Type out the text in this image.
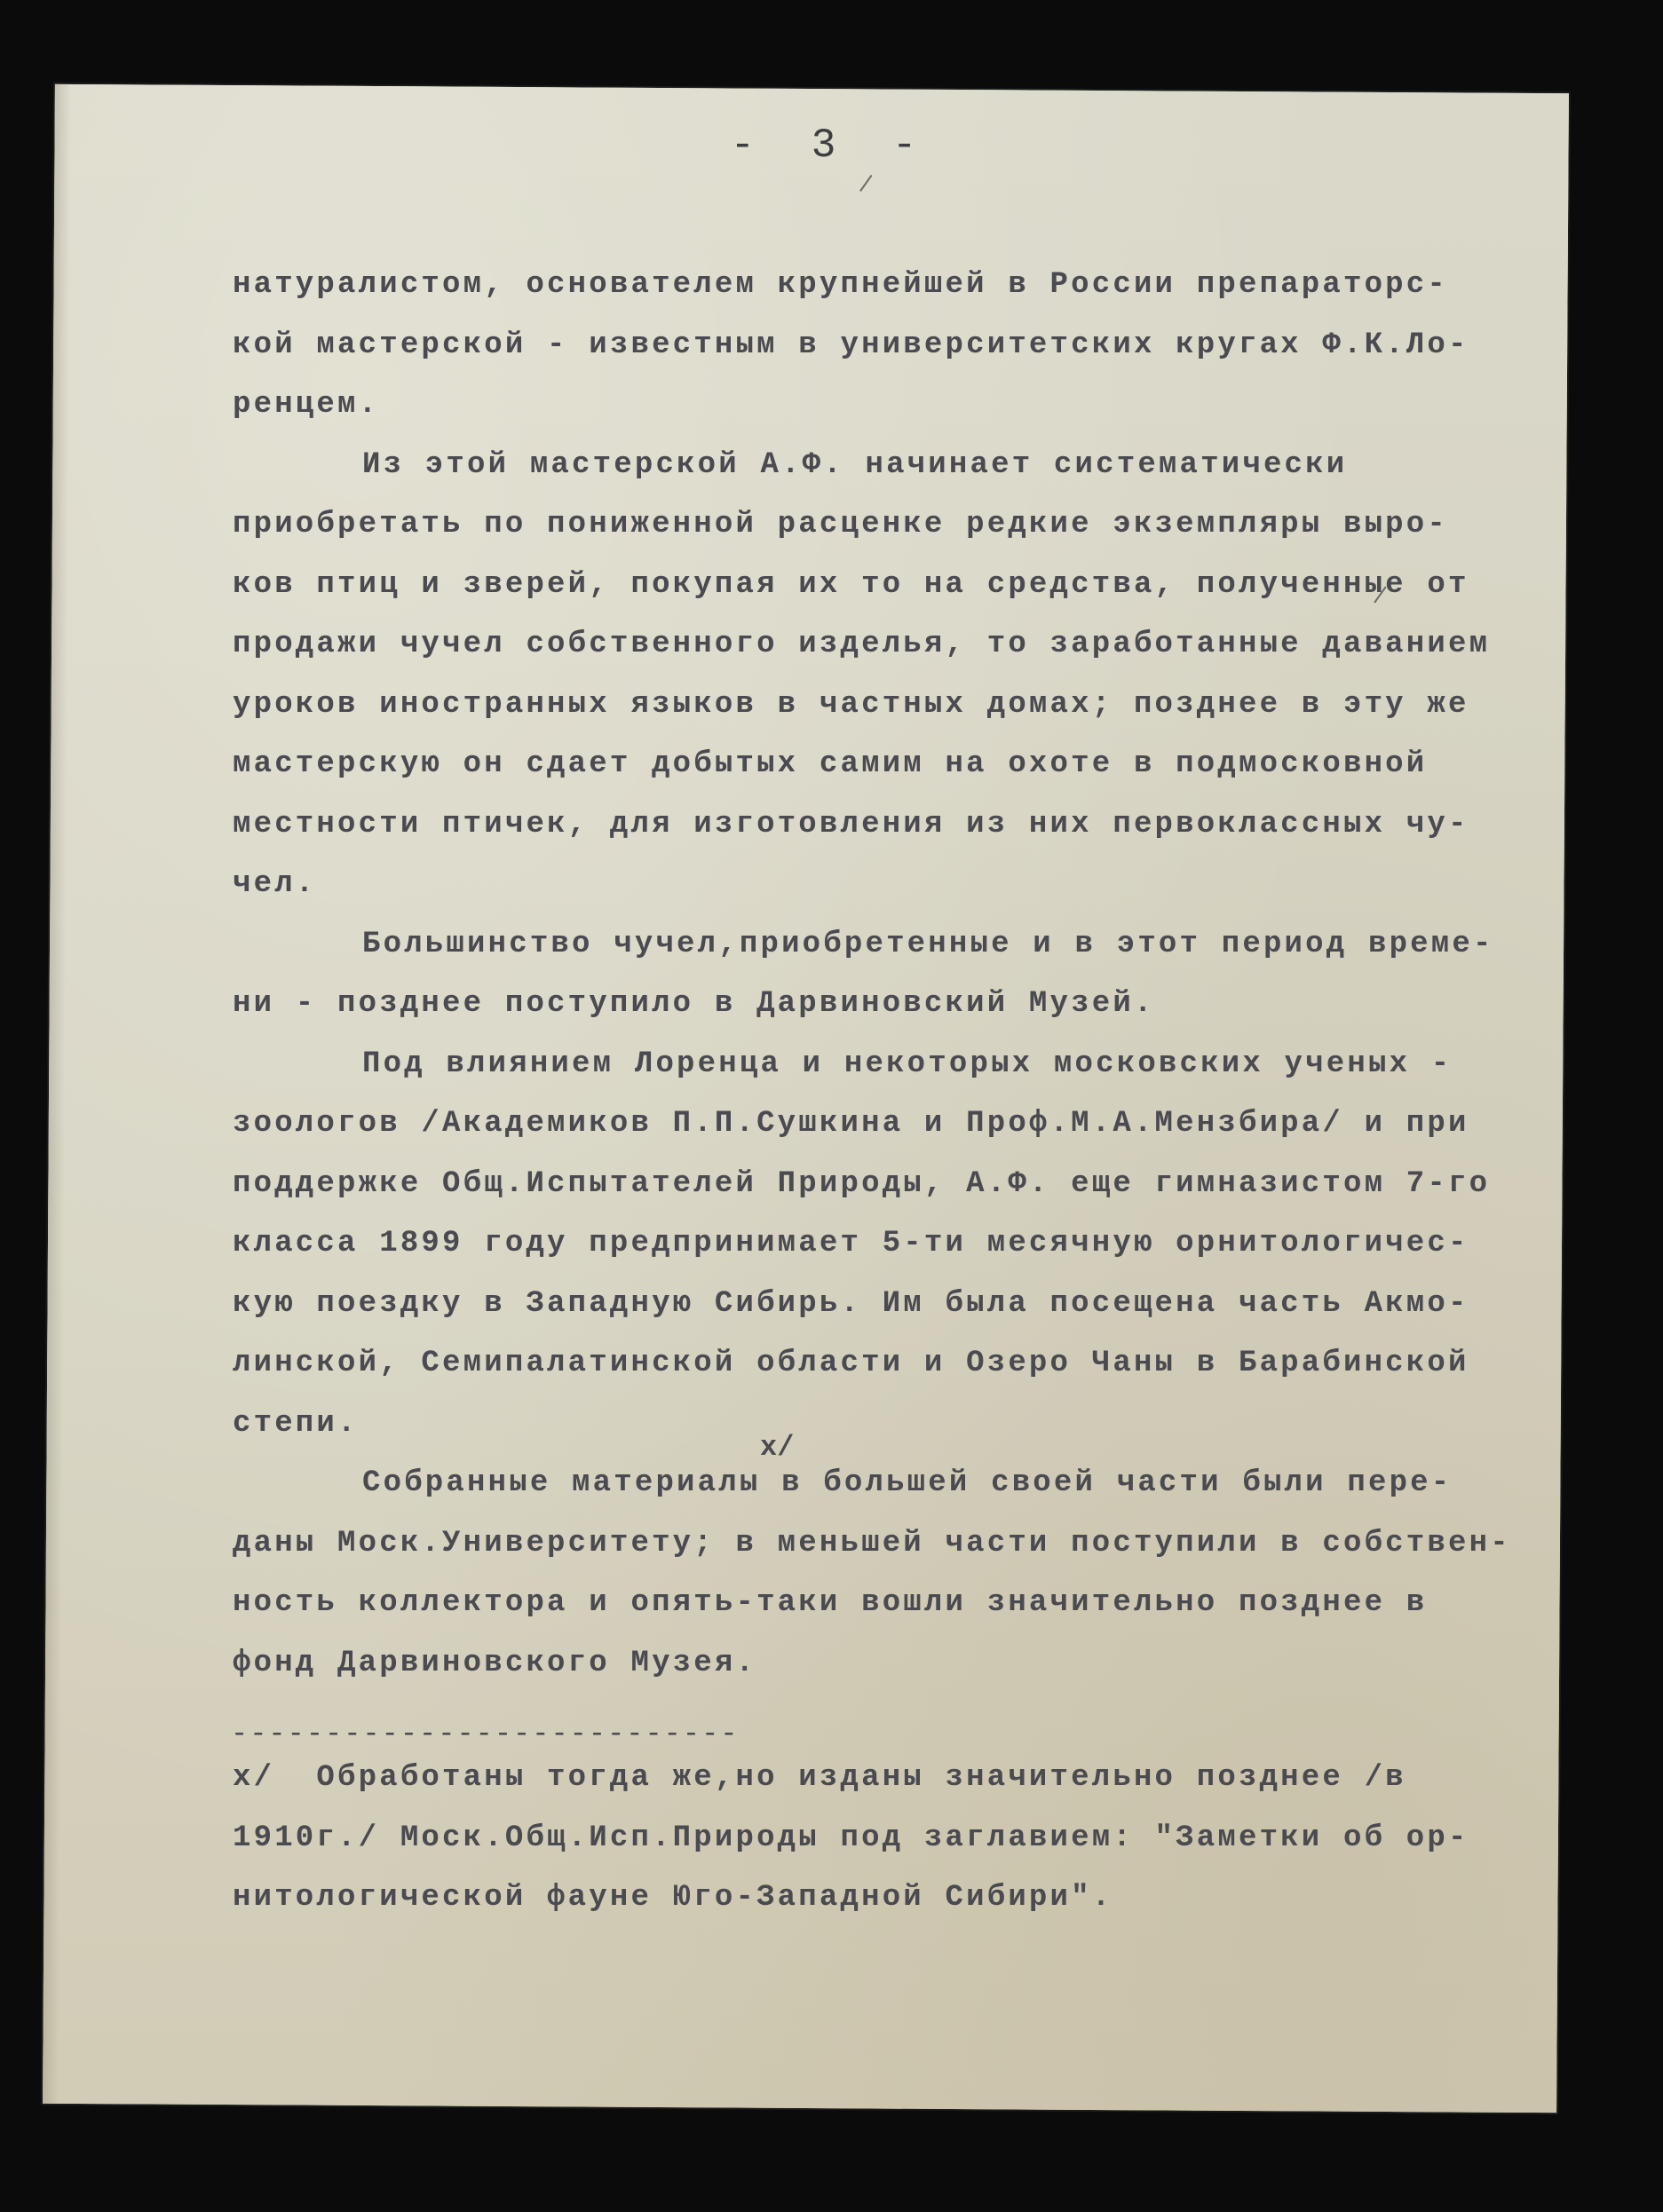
- 3 -
натуралистом, основателем крупнейшей в России препараторс-
кой мастерской - известным в университетских кругах Ф.К.Ло-
ренцем.
Из этой мастерской А.Ф. начинает систематически
приобретать по пониженной расценке редкие экземпляры выро-
ков птиц и зверей, покупая их то на средства, полученные от
продажи чучел собственного изделья, то заработанные даванием
уроков иностранных языков в частных домах; позднее в эту же
мастерскую он сдает добытых самим на охоте в подмосковной
местности птичек, для изготовления из них первоклассных чу-
чел.
Большинство чучел,приобретенные и в этот период време-
ни - позднее поступило в Дарвиновский Музей.
Под влиянием Лоренца и некоторых московских ученых -
зоологов /Академиков П.П.Сушкина и Проф.М.А.Мензбира/ и при
поддержке Общ.Испытателей Природы, А.Ф. еще гимназистом 7-го
класса 1899 году предпринимает 5-ти месячную орнитологичес-
кую поездку в Западную Сибирь. Им была посещена часть Акмо-
линской, Семипалатинской области и Озеро Чаны в Барабинской
степи.
Собранные материалы в большей своей части были пере-
даны Моск.Университету; в меньшей части поступили в собствен-
ность коллектора и опять-таки вошли значительно позднее в
фонд Дарвиновского Музея.
x/
---------------------------
x/  Обработаны тогда же,но изданы значительно позднее /в
1910г./ Моск.Общ.Исп.Природы под заглавием: "Заметки об ор-
нитологической фауне Юго-Западной Сибири".
